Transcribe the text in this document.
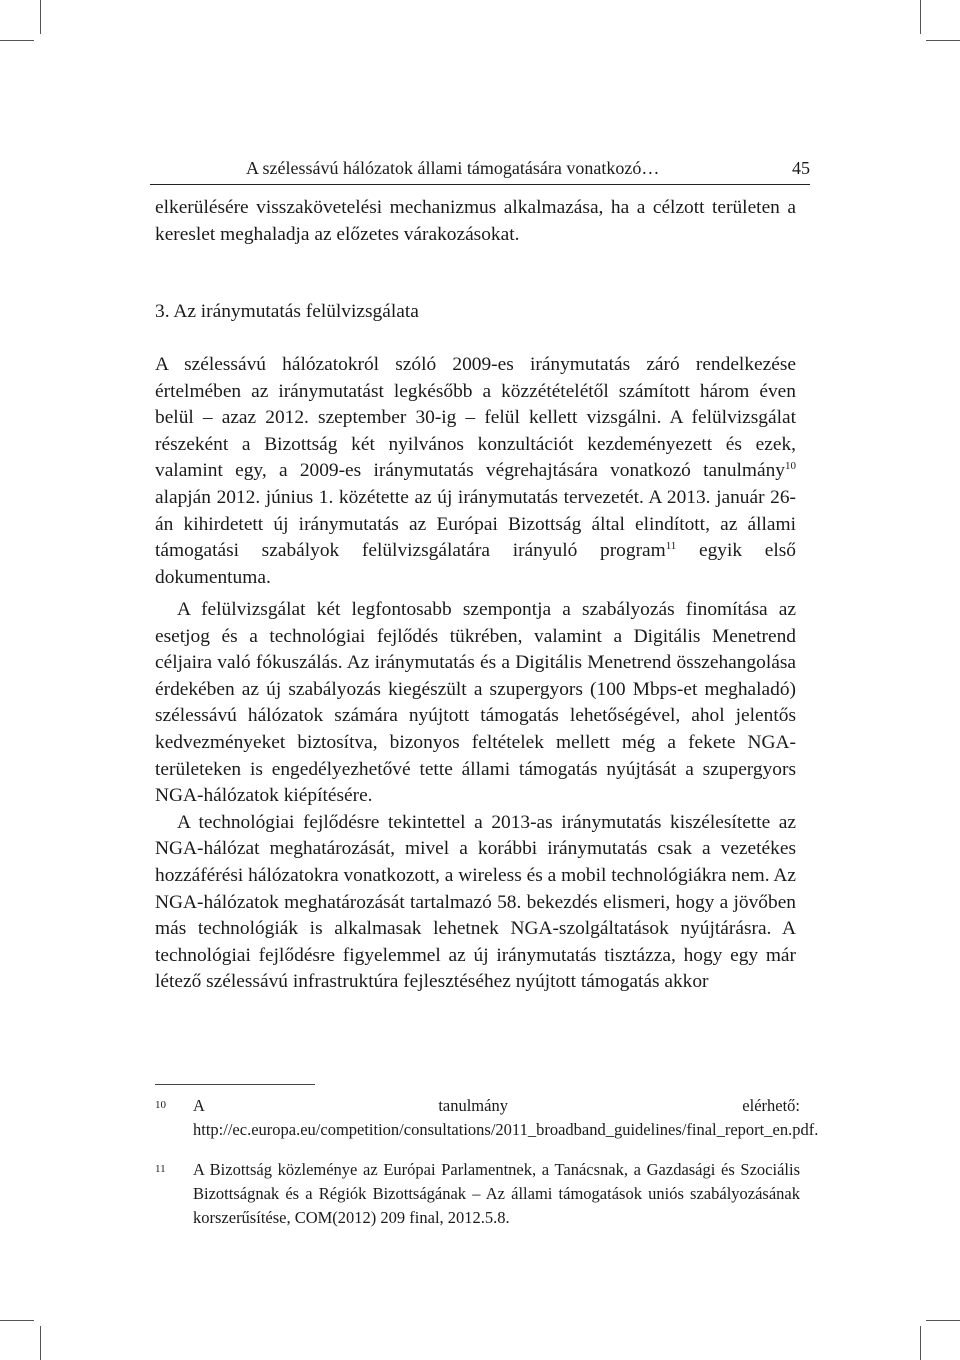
A szélessávú hálózatok állami támogatására vonatkozó…	45

elkerülésére visszakövetelési mechanizmus alkalmazása, ha a célzott területen a kereslet meghaladja az előzetes várakozásokat.

3. Az iránymutatás felülvizsgálata

A szélessávú hálózatokról szóló 2009-es iránymutatás záró rendelkezése értelmében az iránymutatást legkésőbb a közzétételétől számított három éven belül – azaz 2012. szeptember 30-ig – felül kellett vizsgálni. A felülvizsgálat részeként a Bizottság két nyilvános konzultációt kezdeményezett és ezek, valamint egy, a 2009-es iránymutatás végrehajtására vonatkozó tanulmány$^{10}$ alapján 2012. június 1. közétette az új iránymutatás tervezetét. A 2013. január 26-án kihirdetett új iránymutatás az Európai Bizottság által elindított, az állami támogatási szabályok felülvizsgálatára irányuló program$^{11}$ egyik első dokumentuma.

A felülvizsgálat két legfontosabb szempontja a szabályozás finomítása az esetjog és a technológiai fejlődés tükrében, valamint a Digitális Menetrend céljaira való fókuszálás. Az iránymutatás és a Digitális Menetrend összehangolása érdekében az új szabályozás kiegészült a szupergyors (100 Mbps-et meghaladó) szélessávú hálózatok számára nyújtott támogatás lehetőségével, ahol jelentős kedvezményeket biztosítva, bizonyos feltételek mellett még a fekete NGA-területeken is engedélyezhetővé tette állami támogatás nyújtását a szupergyors NGA-hálózatok kiépítésére.

A technológiai fejlődésre tekintettel a 2013-as iránymutatás kiszélesítette az NGA-hálózat meghatározását, mivel a korábbi iránymutatás csak a vezetékes hozzáférési hálózatokra vonatkozott, a wireless és a mobil technológiákra nem. Az NGA-hálózatok meghatározását tartalmazó 58. bekezdés elismeri, hogy a jövőben más technológiák is alkalmasak lehetnek NGA-szolgáltatások nyújtárásra. A technológiai fejlődésre figyelemmel az új iránymutatás tisztázza, hogy egy már létező szélessávú infrastruktúra fejlesztéséhez nyújtott támogatás akkor

10 A tanulmány elérhető: http://ec.europa.eu/competition/consultations/2011_broadband_guidelines/final_report_en.pdf.

11 A Bizottság közleménye az Európai Parlamentnek, a Tanácsnak, a Gazdasági és Szociális Bizottságnak és a Régiók Bizottságának – Az állami támogatások uniós szabályozásának korszerűsítése, COM(2012) 209 final, 2012.5.8.
